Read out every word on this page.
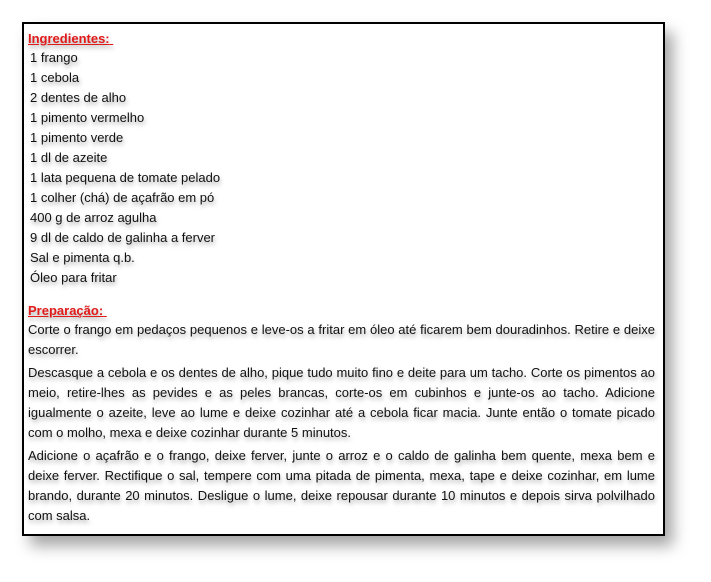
Ingredientes:
1 frango
1 cebola
2 dentes de alho
1 pimento vermelho
1 pimento verde
1 dl de azeite
1 lata pequena de tomate pelado
1 colher (chá) de açafrão em pó
400 g de arroz agulha
9 dl de caldo de galinha a ferver
Sal e pimenta q.b.
Óleo para fritar
Preparação:

Corte o frango em pedaços pequenos e leve-os a fritar em óleo até ficarem bem douradinhos. Retire e deixe escorrer.

Descasque a cebola e os dentes de alho, pique tudo muito fino e deite para um tacho. Corte os pimentos ao meio, retire-lhes as pevides e as peles brancas, corte-os em cubinhos e junte-os ao tacho. Adicione igualmente o azeite, leve ao lume e deixe cozinhar até a cebola ficar macia. Junte então o tomate picado com o molho, mexa e deixe cozinhar durante 5 minutos.

Adicione o açafrão e o frango, deixe ferver, junte o arroz e o caldo de galinha bem quente, mexa bem e deixe ferver. Rectifique o sal, tempere com uma pitada de pimenta, mexa, tape e deixe cozinhar, em lume brando, durante 20 minutos. Desligue o lume, deixe repousar durante 10 minutos e depois sirva polvilhado com salsa.
